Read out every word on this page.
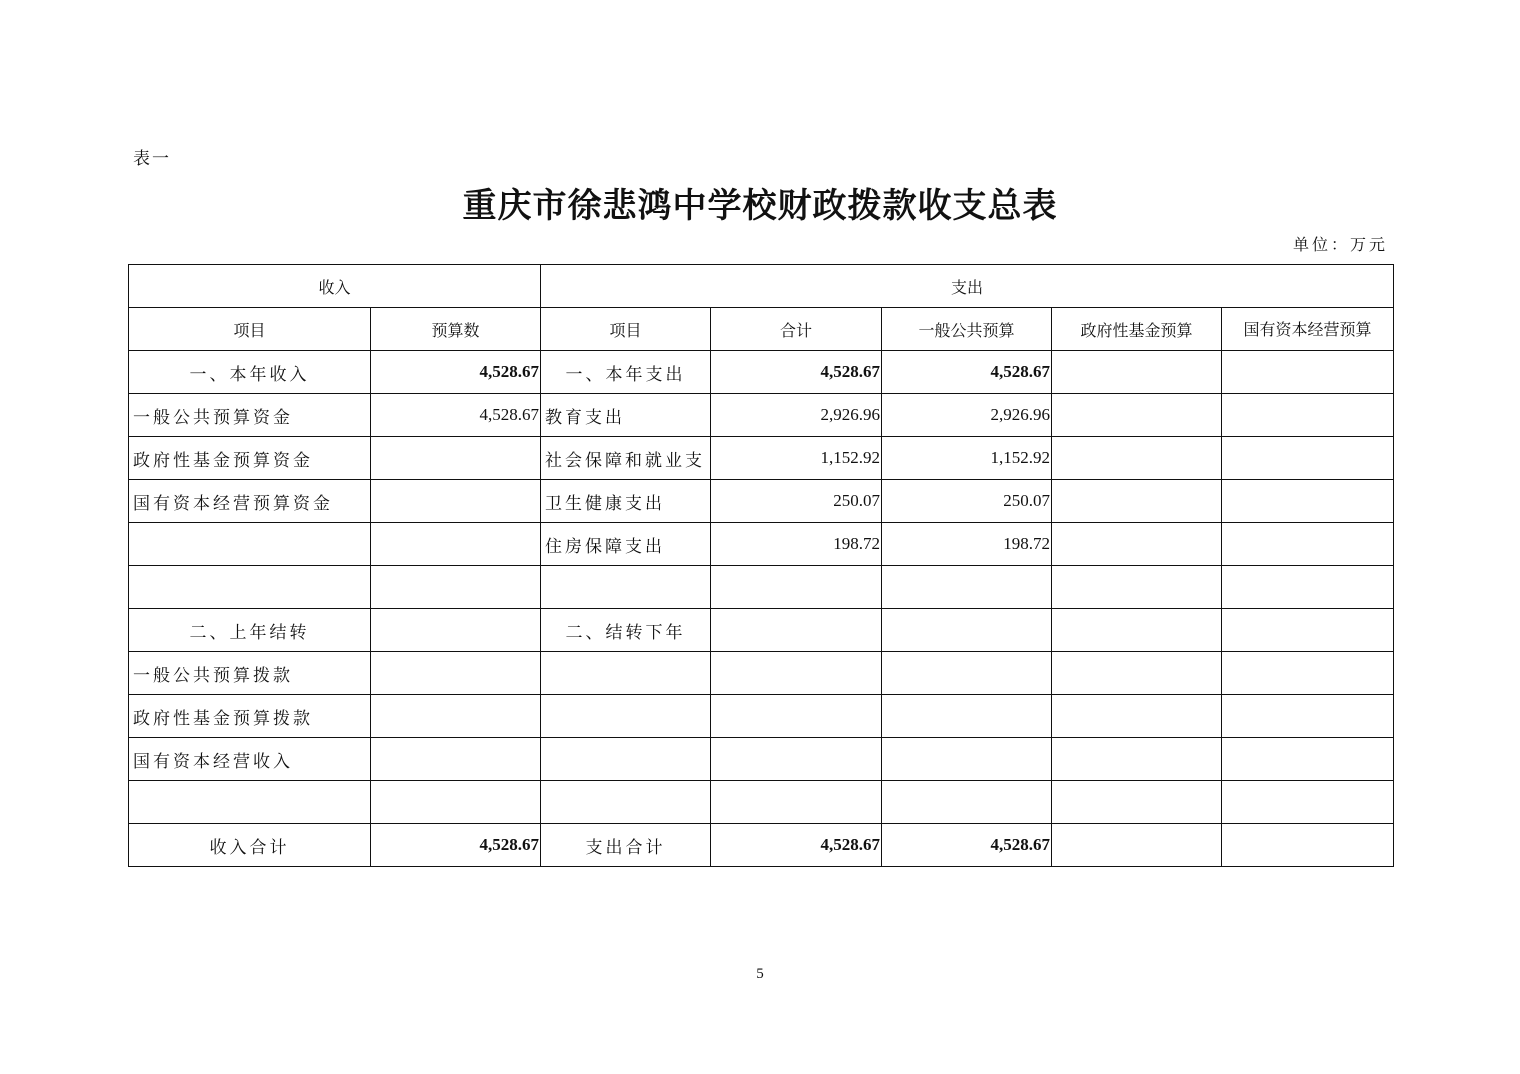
表一
重庆市徐悲鸿中学校财政拨款收支总表
单位：万元
收入		支出				
项目	预算数	项目	合计	一般公共预算	政府性基金预算	国有资本经营预算
一、本年收入	4,528.67	一、本年支出	4,528.67	4,528.67		
一般公共预算资金	4,528.67	教育支出	2,926.96	2,926.96		
政府性基金预算资金		社会保障和就业支	1,152.92	1,152.92		
国有资本经营预算资金		卫生健康支出	250.07	250.07		
		住房保障支出	198.72	198.72		

二、上年结转		二、结转下年				
一般公共预算拨款						
政府性基金预算拨款						
国有资本经营收入						

收入合计	4,528.67	支出合计	4,528.67	4,528.67		
5
